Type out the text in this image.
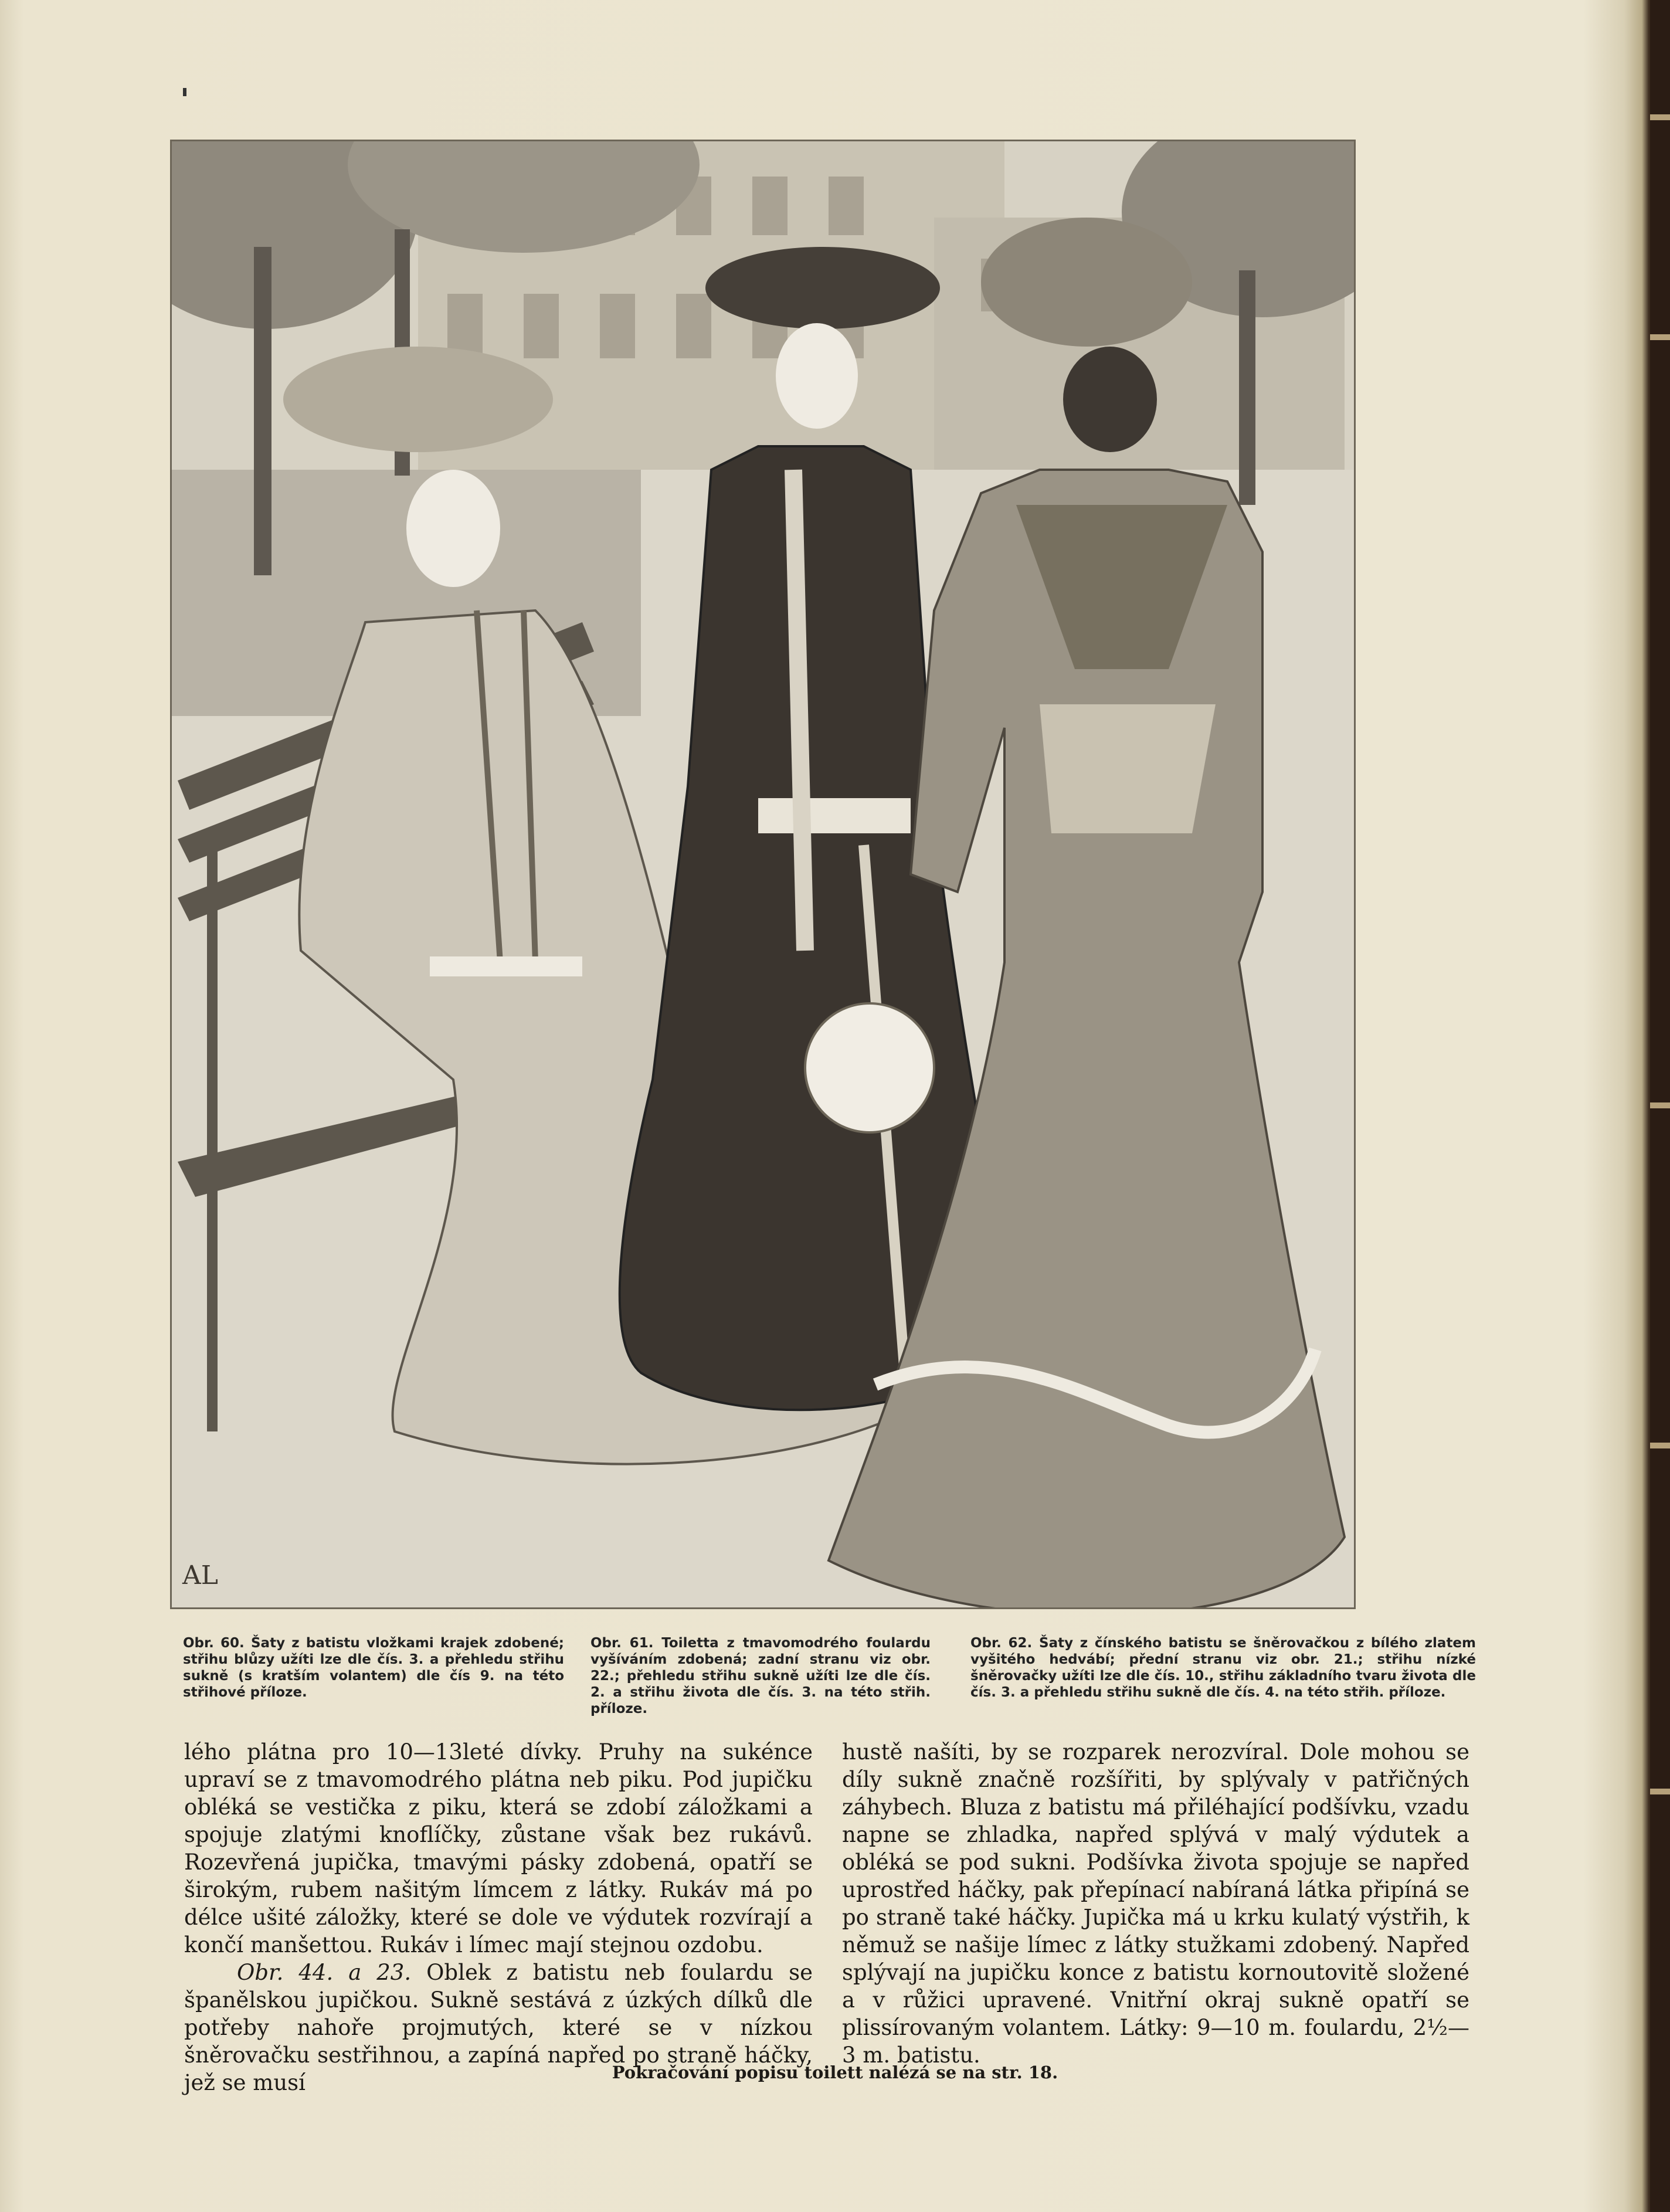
AL
Obr. 60. Šaty z batistu vložkami krajek zdobené; střihu blůzy užíti lze dle čís. 3. a přehledu střihu sukně (s kratším volantem) dle čís 9. na této střihové příloze.
Obr. 61. Toiletta z tmavomodrého foulardu vyšíváním zdobená; zadní stranu viz obr. 22.; přehledu střihu sukně užíti lze dle čís. 2. a střihu života dle čís. 3. na této střih. příloze.
Obr. 62. Šaty z čínského batistu se šněrovačkou z bílého zlatem vyšitého hedvábí; přední stranu viz obr. 21.; střihu nízké šněrovačky užíti lze dle čís. 10., střihu základního tvaru života dle čís. 3. a přehledu střihu sukně dle čís. 4. na této střih. příloze.

lého plátna pro 10—13leté dívky. Pruhy na sukénce upraví se z tmavomodrého plátna neb piku. Pod jupičku obléká se vestička z piku, která se zdobí záložkami a spojuje zlatými knoflíčky, zůstane však bez rukávů. Rozevřená jupička, tmavými pásky zdobená, opatří se širokým, rubem našitým límcem z látky. Rukáv má po délce ušité záložky, které se dole ve výdutek rozvírají a končí manšettou. Rukáv i límec mají stejnou ozdobu.

Obr. 44. a 23. Oblek z batistu neb foulardu se španělskou jupičkou. Sukně sestává z úzkých dílků dle potřeby nahoře projmutých, které se v nízkou šněrovačku sestřihnou, a zapíná napřed po straně háčky, jež se musí

hustě našíti, by se rozparek nerozvíral. Dole mohou se díly sukně značně rozšířiti, by splývaly v patřičných záhybech. Bluza z batistu má přiléhající podšívku, vzadu napne se zhladka, napřed splývá v malý výdutek a obléká se pod sukni. Podšívka života spojuje se napřed uprostřed háčky, pak přepínací nabíraná látka připíná se po straně také háčky. Jupička má u krku kulatý výstřih, k němuž se našije límec z látky stužkami zdobený. Napřed splývají na jupičku konce z batistu kornoutovitě složené a v růžici upravené. Vnitřní okraj sukně opatří se plissírovaným volantem. Látky: 9—10 m. foulardu, 2½—3 m. batistu.

Pokračování popisu toilett nalézá se na str. 18.
